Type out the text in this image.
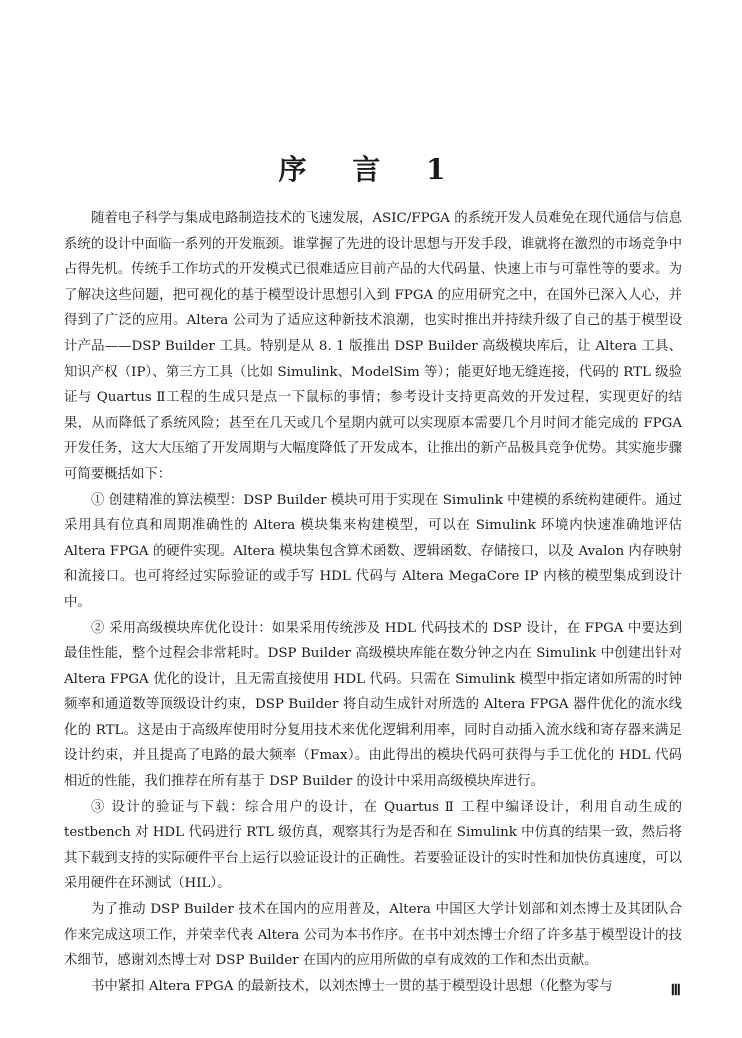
序 言 1

随着电子科学与集成电路制造技术的飞速发展，ASIC/FPGA 的系统开发人员难免在现代通信与信息系统的设计中面临一系列的开发瓶颈。谁掌握了先进的设计思想与开发手段，谁就将在激烈的市场竞争中占得先机。传统手工作坊式的开发模式已很难适应目前产品的大代码量、快速上市与可靠性等的要求。为了解决这些问题，把可视化的基于模型设计思想引入到 FPGA 的应用研究之中，在国外已深入人心，并得到了广泛的应用。Altera 公司为了适应这种新技术浪潮，也实时推出并持续升级了自己的基于模型设计产品——DSP Builder 工具。特别是从 8. 1 版推出 DSP Builder 高级模块库后，让 Altera 工具、知识产权（IP）、第三方工具（比如 Simulink、ModelSim 等）；能更好地无缝连接，代码的 RTL 级验证与 Quartus Ⅱ工程的生成只是点一下鼠标的事情；参考设计支持更高效的开发过程，实现更好的结果，从而降低了系统风险；甚至在几天或几个星期内就可以实现原本需要几个月时间才能完成的 FPGA 开发任务，这大大压缩了开发周期与大幅度降低了开发成本，让推出的新产品极具竞争优势。其实施步骤可简要概括如下：

① 创建精准的算法模型：DSP Builder 模块可用于实现在 Simulink 中建模的系统构建硬件。通过采用具有位真和周期准确性的 Altera 模块集来构建模型，可以在 Simulink 环境内快速准确地评估 Altera FPGA 的硬件实现。Altera 模块集包含算术函数、逻辑函数、存储接口，以及 Avalon 内存映射和流接口。也可将经过实际验证的或手写 HDL 代码与 Altera MegaCore IP 内核的模型集成到设计中。

② 采用高级模块库优化设计：如果采用传统涉及 HDL 代码技术的 DSP 设计，在 FPGA 中要达到最佳性能，整个过程会非常耗时。DSP Builder 高级模块库能在数分钟之内在 Simulink 中创建出针对 Altera FPGA 优化的设计，且无需直接使用 HDL 代码。只需在 Simulink 模型中指定诸如所需的时钟频率和通道数等顶级设计约束，DSP Builder 将自动生成针对所选的 Altera FPGA 器件优化的流水线化的 RTL。这是由于高级库使用时分复用技术来优化逻辑利用率，同时自动插入流水线和寄存器来满足设计约束，并且提高了电路的最大频率（Fmax）。由此得出的模块代码可获得与手工优化的 HDL 代码相近的性能，我们推荐在所有基于 DSP Builder 的设计中采用高级模块库进行。

③ 设计的验证与下载：综合用户的设计，在 Quartus Ⅱ 工程中编译设计，利用自动生成的 testbench 对 HDL 代码进行 RTL 级仿真，观察其行为是否和在 Simulink 中仿真的结果一致，然后将其下载到支持的实际硬件平台上运行以验证设计的正确性。若要验证设计的实时性和加快仿真速度，可以采用硬件在环测试（HIL）。

为了推动 DSP Builder 技术在国内的应用普及，Altera 中国区大学计划部和刘杰博士及其团队合作来完成这项工作，并荣幸代表 Altera 公司为本书作序。在书中刘杰博士介绍了许多基于模型设计的技术细节，感谢刘杰博士对 DSP Builder 在国内的应用所做的卓有成效的工作和杰出贡献。

书中紧扣 Altera FPGA 的最新技术，以刘杰博士一贯的基于模型设计思想（化整为零与	Ⅲ
